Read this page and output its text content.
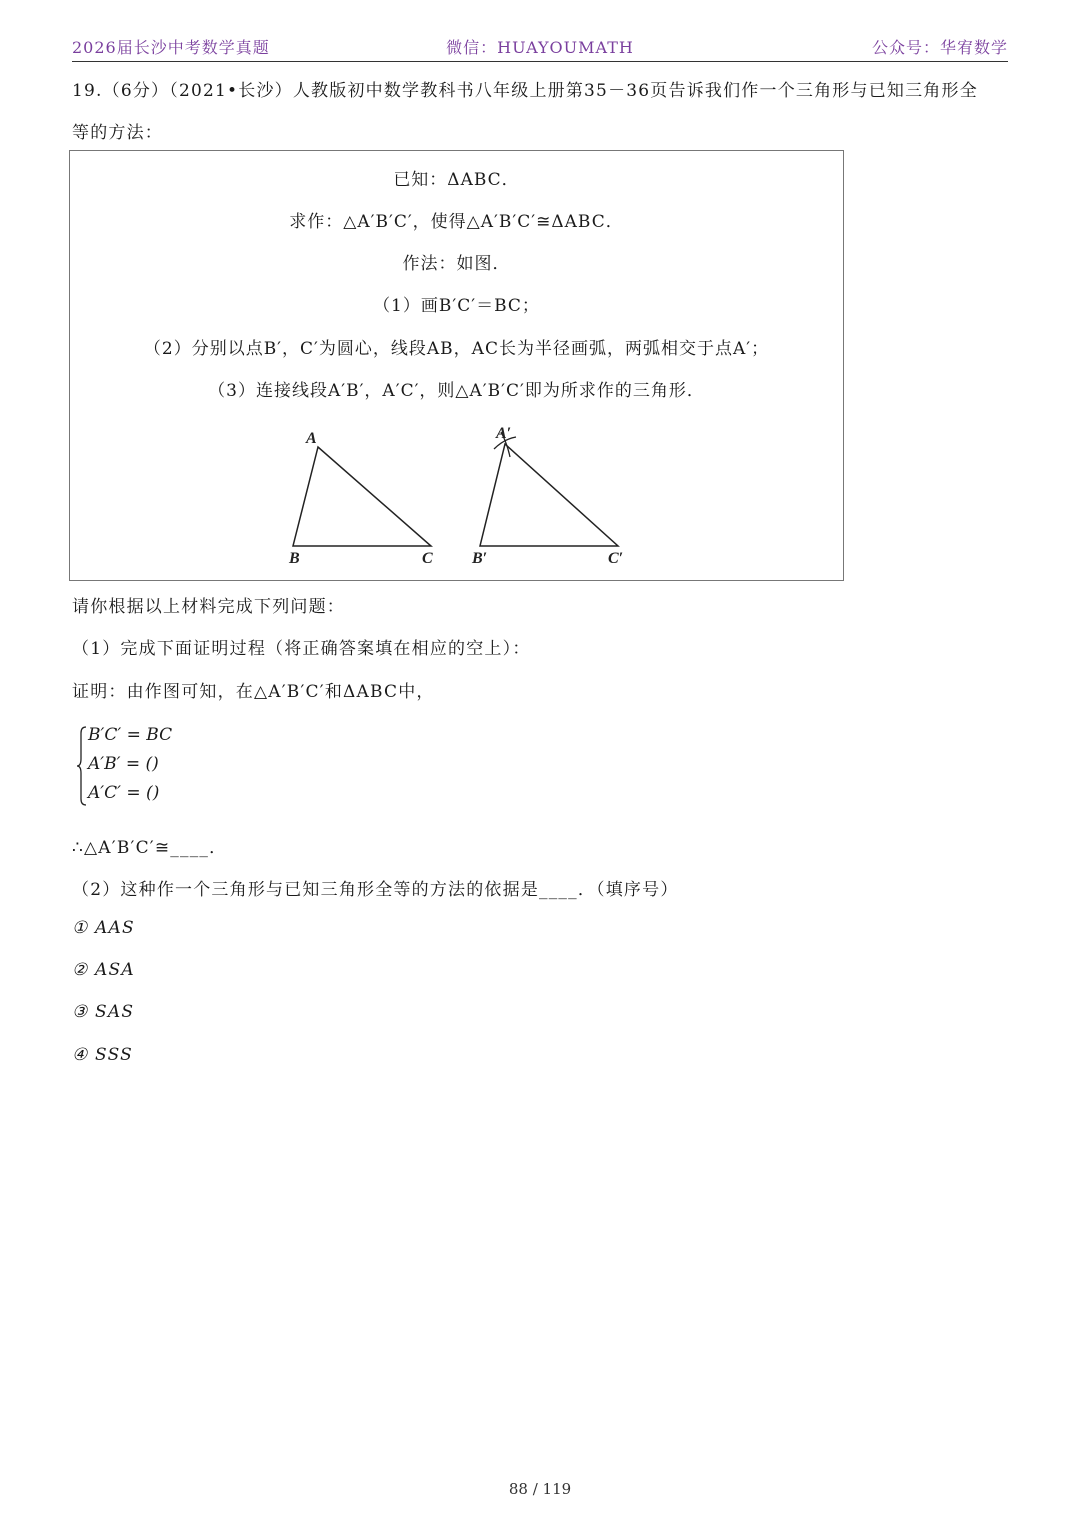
2026届长沙中考数学真题	微信：HUAYOUMATH	公众号：华宥数学
19.（6分）（2021•长沙）人教版初中数学教科书八年级上册第35－36页告诉我们作一个三角形与已知三角形全
等的方法：
已知：ΔABC．
求作：△A′B′C′，使得△A′B′C′≅ΔABC．
作法：如图．
（1）画B′C′＝BC；
（2）分别以点B′，C′为圆心，线段AB，AC长为半径画弧，两弧相交于点A′；
（3）连接线段A′B′，A′C′，则△A′B′C′即为所求作的三角形．
A
B	C
A′
B′	C′
请你根据以上材料完成下列问题：
（1）完成下面证明过程（将正确答案填在相应的空上）：
证明：由作图可知，在△A′B′C′和ΔABC中，
B′C′ = BC
A′B′ = ()
A′C′ = ()
∴△A′B′C′≅____．
（2）这种作一个三角形与已知三角形全等的方法的依据是____．（填序号）
① AAS
② ASA
③ SAS
④ SSS
88 / 119
